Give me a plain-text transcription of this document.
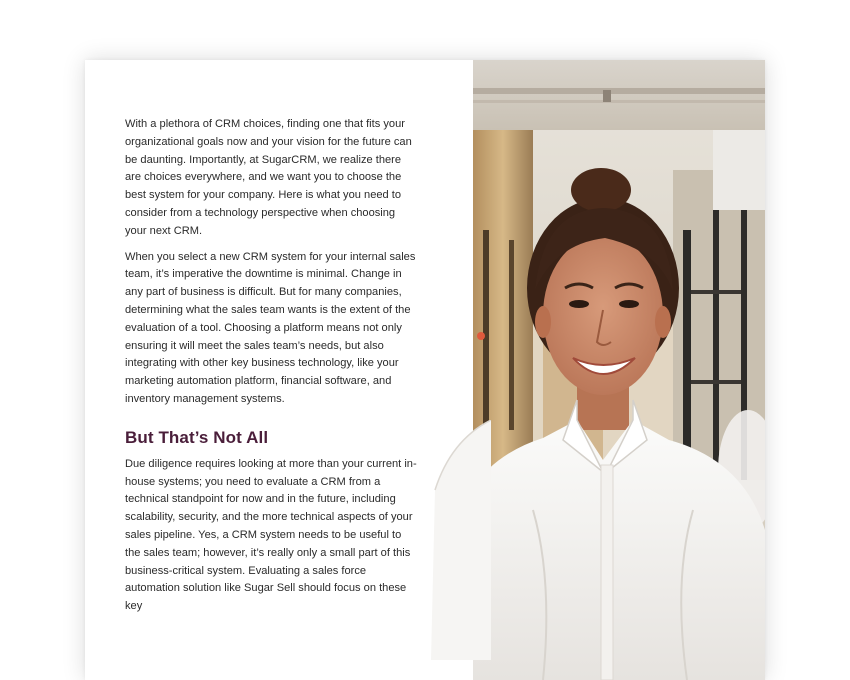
With a plethora of CRM choices, finding one that fits your organizational goals now and your vision for the future can be daunting. Importantly, at SugarCRM, we realize there are choices everywhere, and we want you to choose the best system for your company. Here is what you need to consider from a technology perspective when choosing your next CRM.

When you select a new CRM system for your internal sales team, it’s imperative the downtime is minimal. Change in any part of business is difficult. But for many companies, determining what the sales team wants is the extent of the evaluation of a tool. Choosing a platform means not only ensuring it will meet the sales team’s needs, but also integrating with other key business technology, like your marketing automation platform, financial software, and inventory management systems.

But That’s Not All

Due diligence requires looking at more than your current in-house systems; you need to evaluate a CRM from a technical standpoint for now and in the future, including scalability, security, and the more technical aspects of your sales pipeline. Yes, a CRM system needs to be useful to the sales team; however, it’s really only a small part of this business-critical system. Evaluating a sales force automation solution like Sugar Sell should focus on these key
